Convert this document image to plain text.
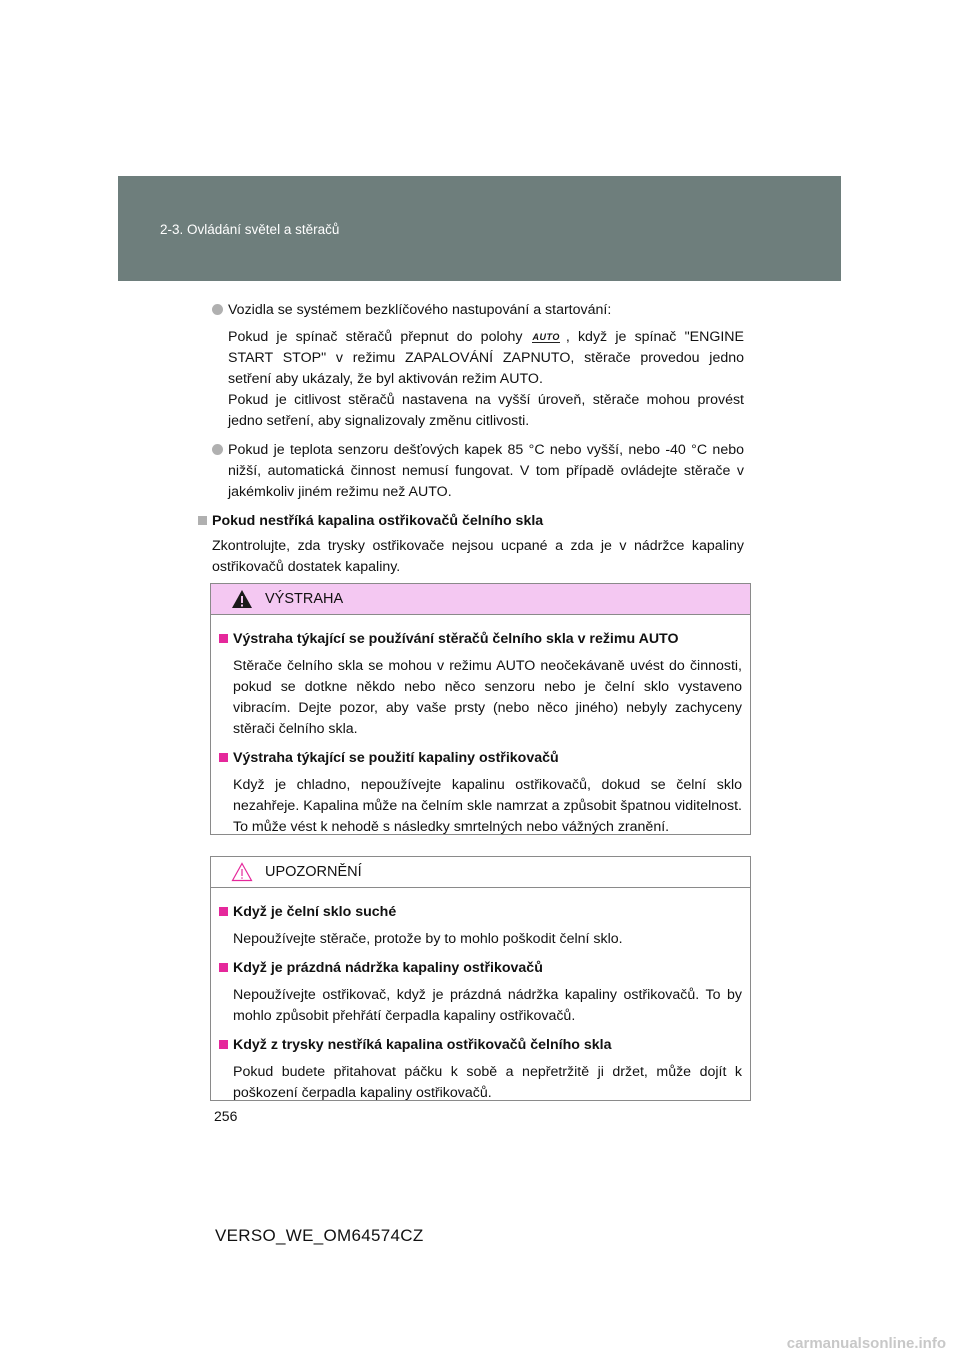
2-3. Ovládání světel a stěračů

Vozidla se systémem bezklíčového nastupování a startování:

Pokud je spínač stěračů přepnut do polohy AUTO , když je spínač "ENGINE START STOP" v režimu ZAPALOVÁNÍ ZAPNUTO, stěrače provedou jedno setření aby ukázaly, že byl aktivován režim AUTO.

Pokud je citlivost stěračů nastavena na vyšší úroveň, stěrače mohou provést jedno setření, aby signalizovaly změnu citlivosti.

Pokud je teplota senzoru dešťových kapek 85 °C nebo vyšší, nebo -40 °C nebo nižší, automatická činnost nemusí fungovat. V tom případě ovládejte stěrače v jakémkoliv jiném režimu než AUTO.

Pokud nestříká kapalina ostřikovačů čelního skla
Zkontrolujte, zda trysky ostřikovače nejsou ucpané a zda je v nádržce kapaliny ostřikovačů dostatek kapaliny.
VÝSTRAHA
Výstraha týkající se používání stěračů čelního skla v režimu AUTO
Stěrače čelního skla se mohou v režimu AUTO neočekávaně uvést do činnosti, pokud se dotkne někdo nebo něco senzoru nebo je čelní sklo vystaveno vibracím. Dejte pozor, aby vaše prsty (nebo něco jiného) nebyly zachyceny stěrači čelního skla.
Výstraha týkající se použití kapaliny ostřikovačů
Když je chladno, nepoužívejte kapalinu ostřikovačů, dokud se čelní sklo nezahřeje. Kapalina může na čelním skle namrzat a způsobit špatnou viditelnost. To může vést k nehodě s následky smrtelných nebo vážných zranění.
UPOZORNĚNÍ
Když je čelní sklo suché
Nepoužívejte stěrače, protože by to mohlo poškodit čelní sklo.
Když je prázdná nádržka kapaliny ostřikovačů
Nepoužívejte ostřikovač, když je prázdná nádržka kapaliny ostřikovačů. To by mohlo způsobit přehřátí čerpadla kapaliny ostřikovačů.
Když z trysky nestříká kapalina ostřikovačů čelního skla
Pokud budete přitahovat páčku k sobě a nepřetržitě ji držet, může dojít k poškození čerpadla kapaliny ostřikovačů.
256
VERSO_WE_OM64574CZ
carmanualsonline.info
